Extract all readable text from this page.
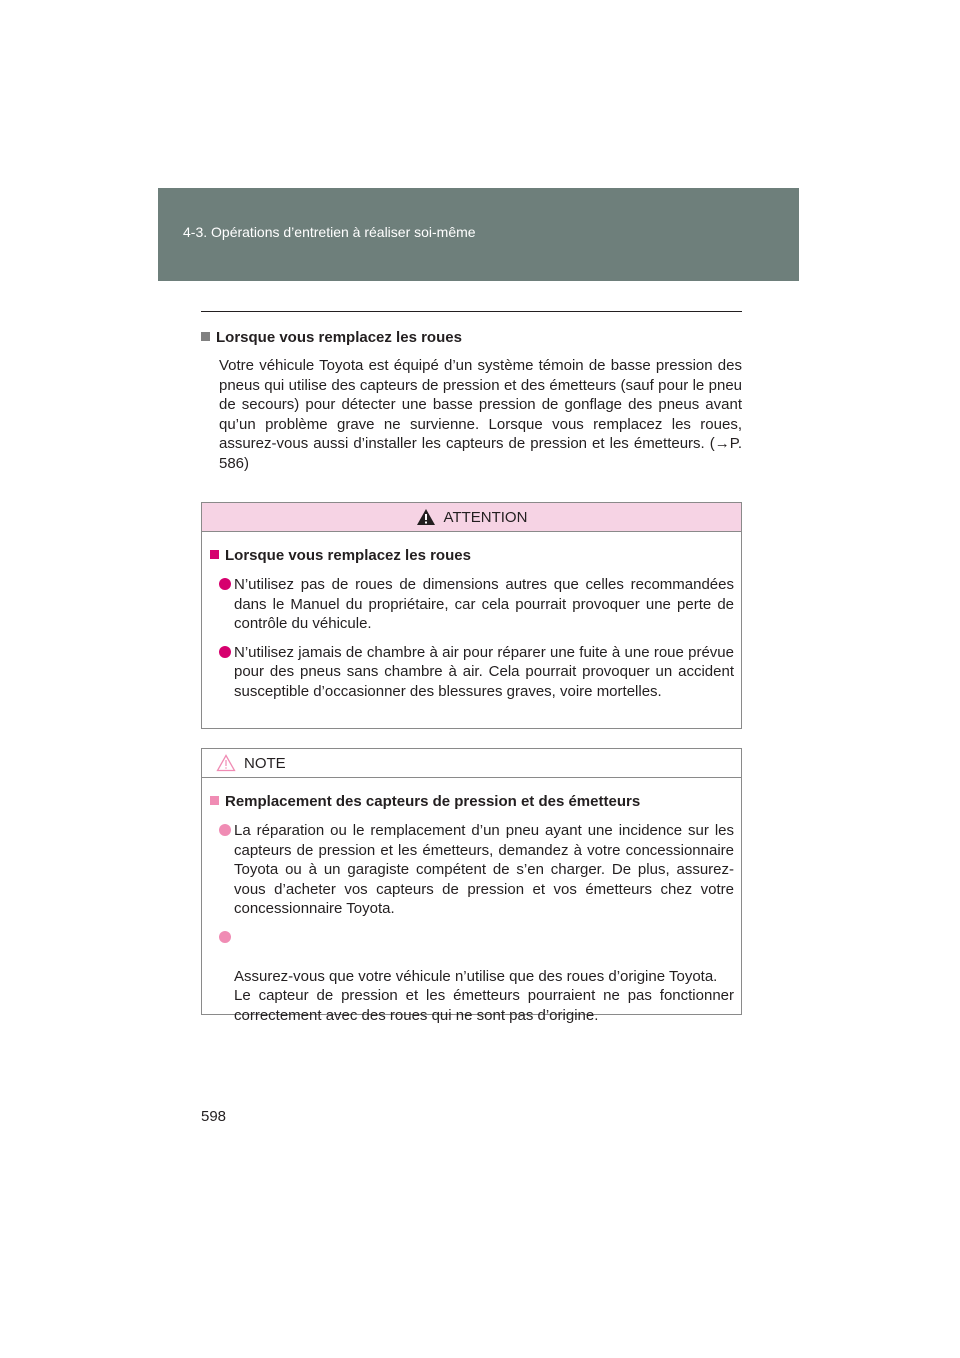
4-3. Opérations d’entretien à réaliser soi-même
Lorsque vous remplacez les roues
Votre véhicule Toyota est équipé d’un système témoin de basse pression des pneus qui utilise des capteurs de pression et des émetteurs (sauf pour le pneu de secours) pour détecter une basse pression de gonflage des pneus avant qu’un problème grave ne survienne. Lorsque vous remplacez les roues, assurez-vous aussi d’installer les capteurs de pression et les émetteurs. (→P. 586)
ATTENTION
Lorsque vous remplacez les roues
N’utilisez pas de roues de dimensions autres que celles recommandées dans le Manuel du propriétaire, car cela pourrait provoquer une perte de contrôle du véhicule.
N’utilisez jamais de chambre à air pour réparer une fuite à une roue prévue pour des pneus sans chambre à air. Cela pourrait provoquer un accident susceptible d’occasionner des blessures graves, voire mortelles.
NOTE
Remplacement des capteurs de pression et des émetteurs
La réparation ou le remplacement d’un pneu ayant une incidence sur les capteurs de pression et les émetteurs, demandez à votre concessionnaire Toyota ou à un garagiste compétent de s’en charger. De plus, assurez-vous d’acheter vos capteurs de pression et vos émetteurs chez votre concessionnaire Toyota.

Assurez-vous que votre véhicule n’utilise que des roues d’origine Toyota.
Le capteur de pression et les émetteurs pourraient ne pas fonctionner correctement avec des roues qui ne sont pas d’origine.

598
